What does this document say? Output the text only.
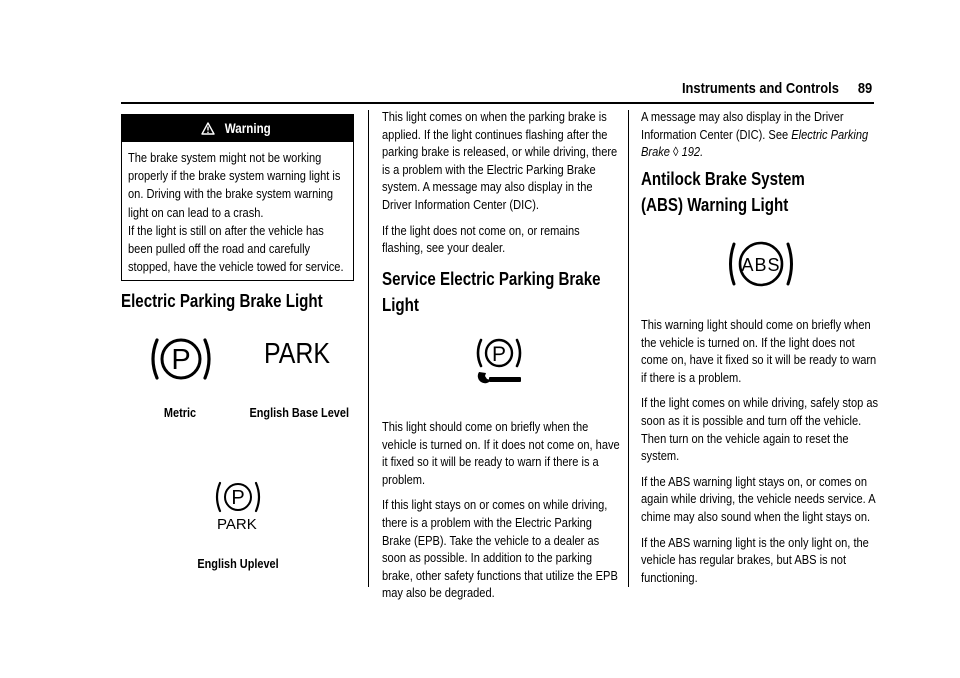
Instruments and Controls 89
Warning
The brake system might not be working properly if the brake system warning light is on. Driving with the brake system warning light on can lead to a crash.
If the light is still on after the vehicle has been pulled off the road and carefully stopped, have the vehicle towed for service.
Electric Parking Brake Light
P	PARK
Metric	English Base Level
P
PARK
English Uplevel

This light comes on when the parking brake is applied. If the light continues flashing after the parking brake is released, or while driving, there is a problem with the Electric Parking Brake system. A message may also display in the Driver Information Center (DIC).

If the light does not come on, or remains flashing, see your dealer.

Service Electric Parking Brake Light
P

This light should come on briefly when the vehicle is turned on. If it does not come on, have it fixed so it will be ready to warn if there is a problem.

If this light stays on or comes on while driving, there is a problem with the Electric Parking Brake (EPB). Take the vehicle to a dealer as soon as possible. In addition to the parking brake, other safety functions that utilize the EPB may also be degraded.

A message may also display in the Driver Information Center (DIC). See Electric Parking Brake ◊ 192.

Antilock Brake System (ABS) Warning Light
ABS

This warning light should come on briefly when the vehicle is turned on. If the light does not come on, have it fixed so it will be ready to warn if there is a problem.

If the light comes on while driving, safely stop as soon as it is possible and turn off the vehicle. Then turn on the vehicle again to reset the system.

If the ABS warning light stays on, or comes on again while driving, the vehicle needs service. A chime may also sound when the light stays on.

If the ABS warning light is the only light on, the vehicle has regular brakes, but ABS is not functioning.
